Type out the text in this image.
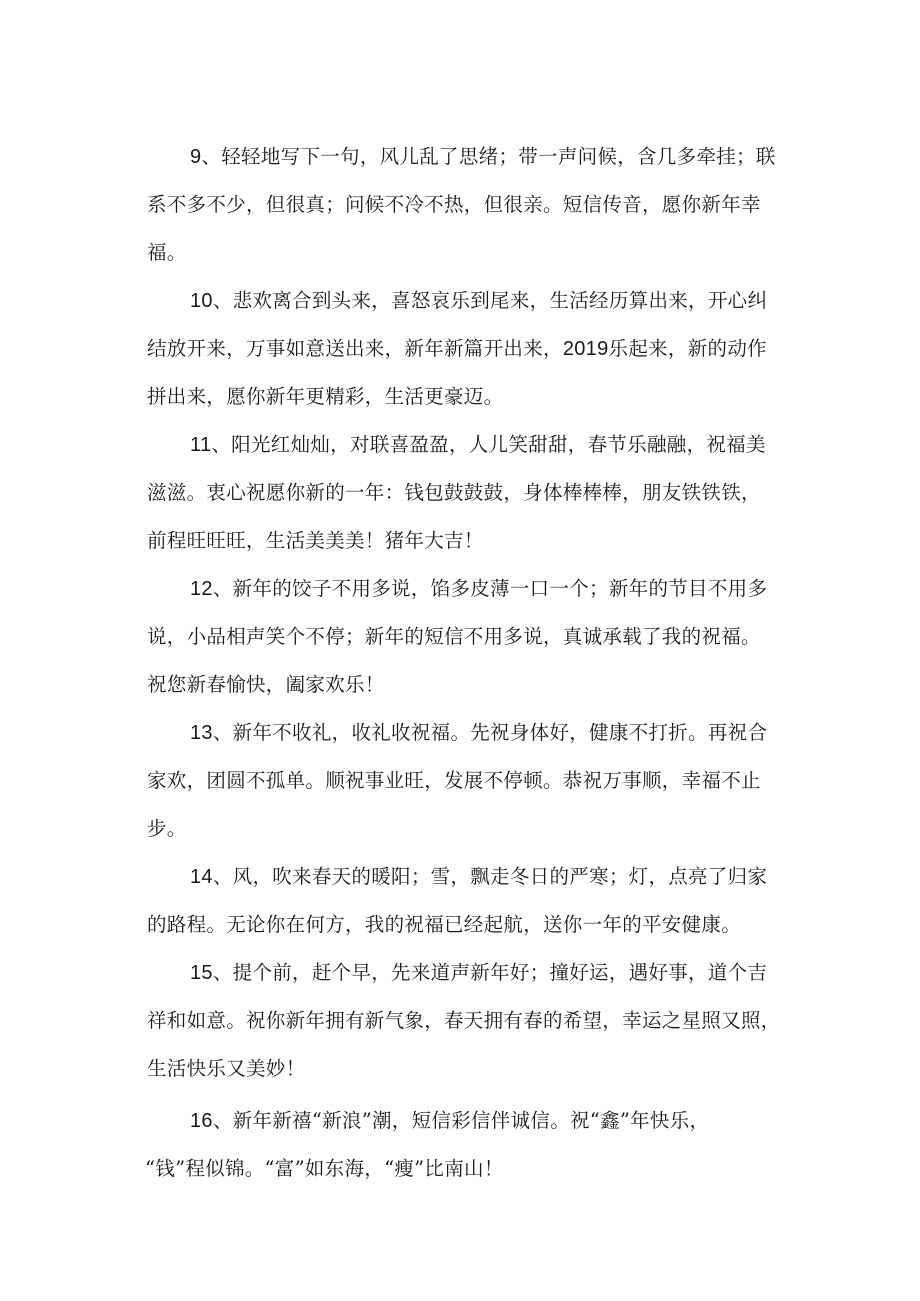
9、轻轻地写下一句，风儿乱了思绪；带一声问候，含几多牵挂；联

系不多不少，但很真；问候不冷不热，但很亲。短信传音，愿你新年幸

福。

10、悲欢离合到头来，喜怒哀乐到尾来，生活经历算出来，开心纠

结放开来，万事如意送出来，新年新篇开出来，2019乐起来，新的动作

拼出来，愿你新年更精彩，生活更豪迈。

11、阳光红灿灿，对联喜盈盈，人儿笑甜甜，春节乐融融，祝福美

滋滋。衷心祝愿你新的一年：钱包鼓鼓鼓，身体棒棒棒，朋友铁铁铁，

前程旺旺旺，生活美美美！猪年大吉！

12、新年的饺子不用多说，馅多皮薄一口一个；新年的节目不用多

说，小品相声笑个不停；新年的短信不用多说，真诚承载了我的祝福。

祝您新春愉快，阖家欢乐！

13、新年不收礼，收礼收祝福。先祝身体好，健康不打折。再祝合

家欢，团圆不孤单。顺祝事业旺，发展不停顿。恭祝万事顺，幸福不止

步。

14、风，吹来春天的暖阳；雪，飘走冬日的严寒；灯，点亮了归家

的路程。无论你在何方，我的祝福已经起航，送你一年的平安健康。

15、提个前，赶个早，先来道声新年好；撞好运，遇好事，道个吉

祥和如意。祝你新年拥有新气象，春天拥有春的希望，幸运之星照又照，

生活快乐又美妙！

16、新年新禧“新浪”潮，短信彩信伴诚信。祝“鑫”年快乐，

“钱”程似锦。“富”如东海，“瘦”比南山！
